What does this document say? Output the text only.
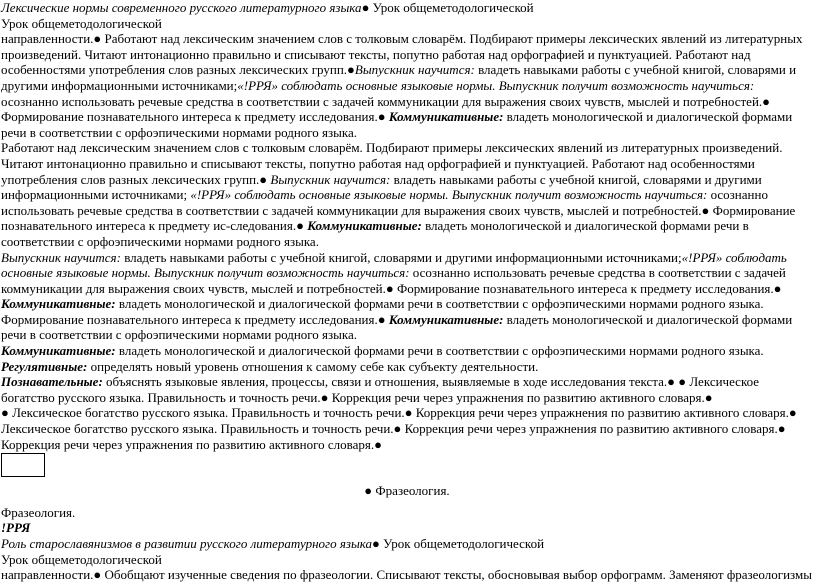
Лексические нормы современного русского литературного языка● Урок общеметодологической

Урок общеметодологической

направленности.● Работают над лексическим значением слов с толковым словарём. Подбирают примеры лексических явлений из литературных произведений. Читают интонационно правильно и списывают тексты, попутно работая над орфографией и пунктуацией. Работают над особенностями употребления слов разных лексических групп.●Выпускник научится: владеть навыками работы с учебной книгой, словарями и другими информационными источниками;«!РРЯ» соблюдать основные языковые нормы. Выпускник получит возможность научиться: осознанно использовать речевые средства в соответствии с задачей коммуникации для выражения своих чувств, мыслей и потребностей.● Формирование познавательного интереса к предмету исследования.● Коммуникативные: владеть монологической и диалогической формами речи в соответствии с орфоэпическими нормами родного языка.

Работают над лексическим значением слов с толковым словарём. Подбирают примеры лексических явлений из литературных произведений. Читают интонационно правильно и списывают тексты, попутно работая над орфографией и пунктуацией. Работают над особенностями употребления слов разных лексических групп.● Выпускник научится: владеть навыками работы с учебной книгой, словарями и другими информационными источниками; «!РРЯ» соблюдать основные языковые нормы. Выпускник получит возможность научиться: осознанно использовать речевые средства в соответствии с задачей коммуникации для выражения своих чувств, мыслей и потребностей.● Формирование познавательного интереса к предмету ис-следования.● Коммуникативные: владеть монологической и диалогической формами речи в соответствии с орфоэпическими нормами родного языка.

Выпускник научится: владеть навыками работы с учебной книгой, словарями и другими информационными источниками;«!РРЯ» соблюдать основные языковые нормы. Выпускник получит возможность научиться: осознанно использовать речевые средства в соответствии с задачей коммуникации для выражения своих чувств, мыслей и потребностей.● Формирование познавательного интереса к предмету исследования.● Коммуникативные: владеть монологической и диалогической формами речи в соответствии с орфоэпическими нормами родного языка.

Формирование познавательного интереса к предмету исследования.● Коммуникативные: владеть монологической и диалогической формами речи в соответствии с орфоэпическими нормами родного языка.

Коммуникативные: владеть монологической и диалогической формами речи в соответствии с орфоэпическими нормами родного языка.

Регулятивные: определять новый уровень отношения к самому себе как субъекту деятельности.

Познавательные: объяснять языковые явления, процессы, связи и отношения, выявляемые в ходе исследования текста.● ● Лексическое богатство русского языка. Правильность и точность речи.● Коррекция речи через упражнения по развитию активного словаря.●

● Лексическое богатство русского языка. Правильность и точность речи.● Коррекция речи через упражнения по развитию активного словаря.●

Лексическое богатство русского языка. Правильность и точность речи.● Коррекция речи через упражнения по развитию активного словаря.●

Коррекция речи через упражнения по развитию активного словаря.●

● Фразеология.

Фразеология.

!РРЯ

Роль старославянизмов в развитии русского литературного языка● Урок общеметодологической

Урок общеметодологической

направленности.● Обобщают изученные сведения по фразеологии. Списывают тексты, обосновывая выбор орфограмм. Заменяют фразеологизмы
